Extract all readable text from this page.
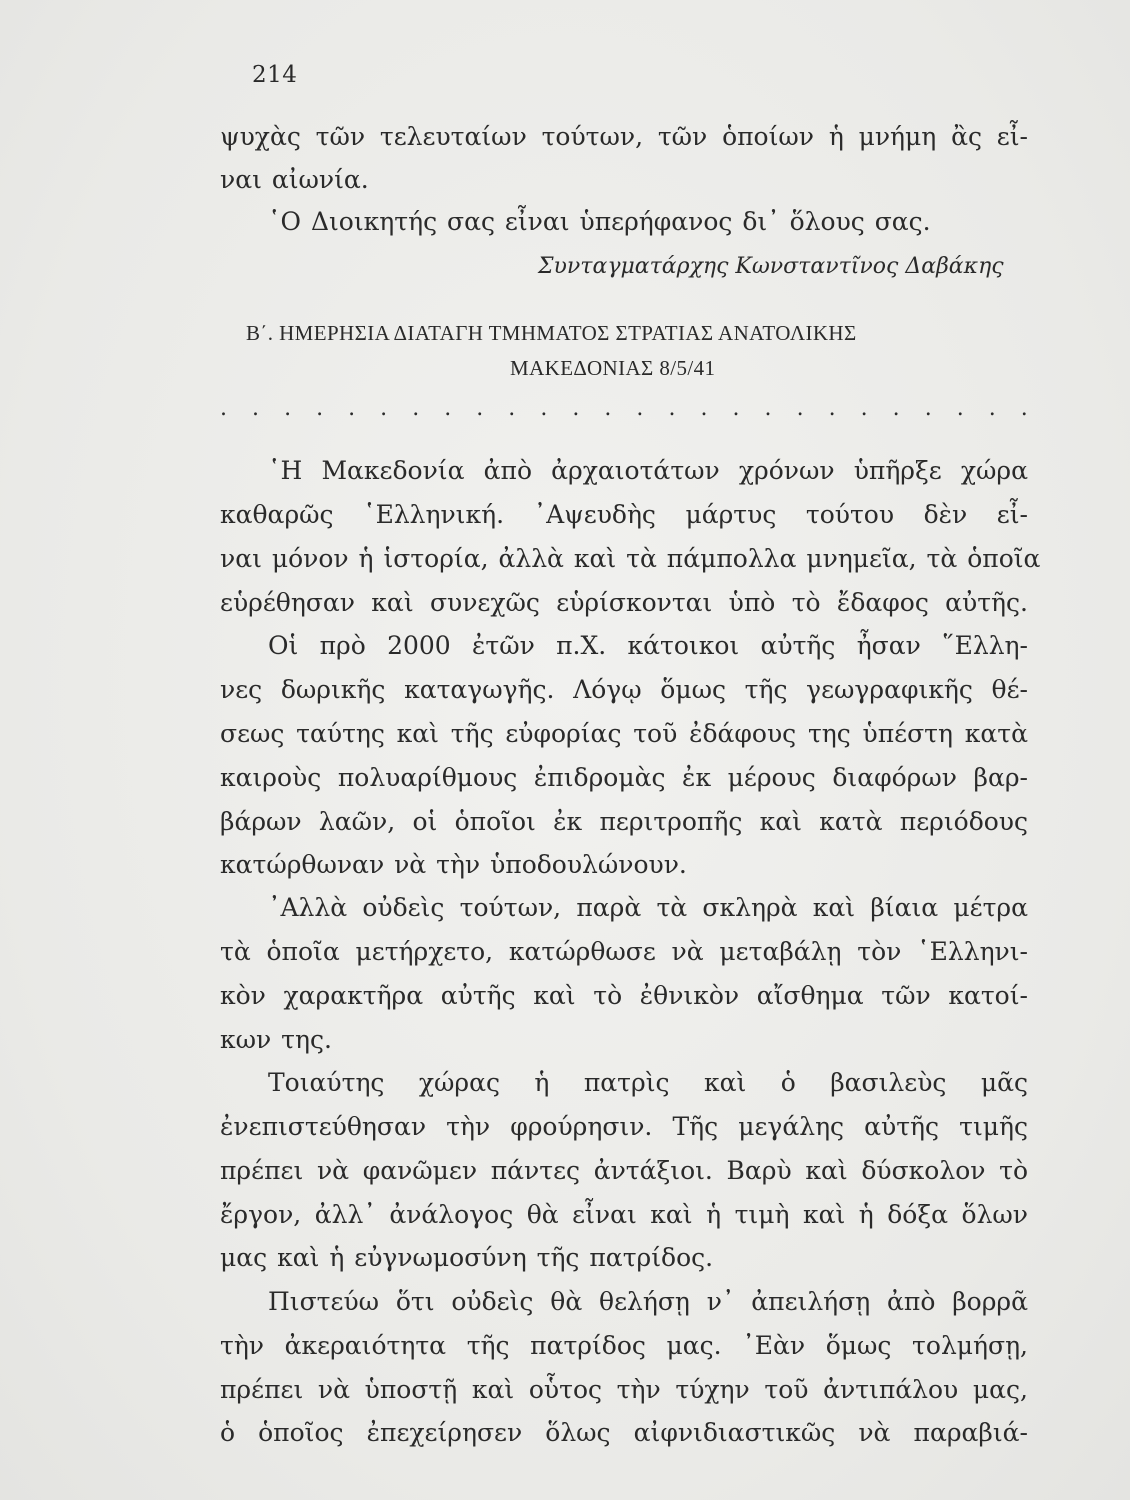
214
ψυχὰς τῶν τελευταίων τούτων, τῶν ὁποίων ἡ μνήμη ἂς εἶ-
ναι αἰωνία.
῾Ο Διοικητής σας εἶναι ὑπερήφανος δι᾿ ὅλους σας.
Συνταγματάρχης Κωνσταντῖνος Δαβάκης
Β΄. ΗΜΕΡΗΣΙΑ ΔΙΑΤΑΓΗ ΤΜΗΜΑΤΟΣ ΣΤΡΑΤΙΑΣ ΑΝΑΤΟΛΙΚΗΣ
ΜΑΚΕΔΟΝΙΑΣ 8/5/41
. . . . . . . . . . . . . . . . . . . . . . . . . .
῾Η Μακεδονία ἀπὸ ἀρχαιοτάτων χρόνων ὑπῆρξε χώρα
καθαρῶς ῾Ελληνική. ᾿Αψευδὴς μάρτυς τούτου δὲν εἶ-
ναι μόνον ἡ ἱστορία, ἀλλὰ καὶ τὰ πάμπολλα μνημεῖα, τὰ ὁποῖα
εὑρέθησαν καὶ συνεχῶς εὑρίσκονται ὑπὸ τὸ ἔδαφος αὐτῆς.
Οἱ πρὸ 2000 ἐτῶν π.Χ. κάτοικοι αὐτῆς ἦσαν ῞Ελλη-
νες δωρικῆς καταγωγῆς. Λόγῳ ὅμως τῆς γεωγραφικῆς θέ-
σεως ταύτης καὶ τῆς εὐφορίας τοῦ ἐδάφους της ὑπέστη κατὰ
καιροὺς πολυαρίθμους ἐπιδρομὰς ἐκ μέρους διαφόρων βαρ-
βάρων λαῶν, οἱ ὁποῖοι ἐκ περιτροπῆς καὶ κατὰ περιόδους
κατώρθωναν νὰ τὴν ὑποδουλώνουν.
᾿Αλλὰ οὐδεὶς τούτων, παρὰ τὰ σκληρὰ καὶ βίαια μέτρα
τὰ ὁποῖα μετήρχετο, κατώρθωσε νὰ μεταβάλῃ τὸν ῾Ελληνι-
κὸν χαρακτῆρα αὐτῆς καὶ τὸ ἐθνικὸν αἴσθημα τῶν κατοί-
κων της.
Τοιαύτης χώρας ἡ πατρὶς καὶ ὁ βασιλεὺς μᾶς
ἐνεπιστεύθησαν τὴν φρούρησιν. Τῆς μεγάλης αὐτῆς τιμῆς
πρέπει νὰ φανῶμεν πάντες ἀντάξιοι. Βαρὺ καὶ δύσκολον τὸ
ἔργον, ἀλλ᾿ ἀνάλογος θὰ εἶναι καὶ ἡ τιμὴ καὶ ἡ δόξα ὅλων
μας καὶ ἡ εὐγνωμοσύνη τῆς πατρίδος.
Πιστεύω ὅτι οὐδεὶς θὰ θελήσῃ ν᾿ ἀπειλήσῃ ἀπὸ βορρᾶ
τὴν ἀκεραιότητα τῆς πατρίδος μας. ᾿Εὰν ὅμως τολμήσῃ,
πρέπει νὰ ὑποστῇ καὶ οὗτος τὴν τύχην τοῦ ἀντιπάλου μας,
ὁ ὁποῖος ἐπεχείρησεν ὅλως αἰφνιδιαστικῶς νὰ παραβιά-
